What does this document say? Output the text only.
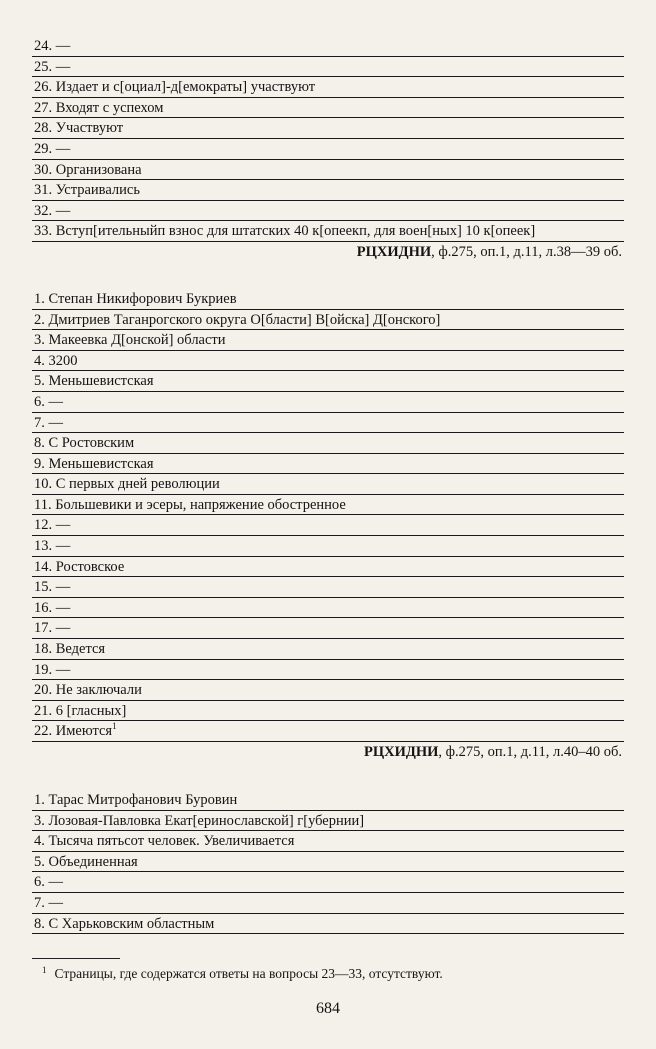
24. —
25. —
26. Издает и с[оциал]-д[емократы] участвуют
27. Входят с успехом
28. Участвуют
29. —
30. Организована
31. Устраивались
32. —
33. Вступ[ительныйп взнос для штатских 40 к[опеекп, для воен[ных] 10 к[опеек]
РЦХИДНИ, ф.275, оп.1, д.11, л.38—39 об.
1. Степан Никифорович Букриев
2. Дмитриев Таганрогского округа О[бласти] В[ойска] Д[онского]
3. Макеевка Д[онской] области
4. 3200
5. Меньшевистская
6. —
7. —
8. С Ростовским
9. Меньшевистская
10. С первых дней революции
11. Большевики и эсеры, напряжение обостренное
12. —
13. —
14. Ростовское
15. —
16. —
17. —
18. Ведется
19. —
20. Не заключали
21. 6 [гласных]
22. Имеются$^1$
РЦХИДНИ, ф.275, оп.1, д.11, л.40–40 об.
1. Тарас Митрофанович Буровин
3. Лозовая-Павловка Екат[еринославской] г[убернии]
4. Тысяча пятьсот человек. Увеличивается
5. Объединенная
6. —
7. —
8. С Харьковским областным
$^1$ Страницы, где содержатся ответы на вопросы 23—33, отсутствуют.
684
